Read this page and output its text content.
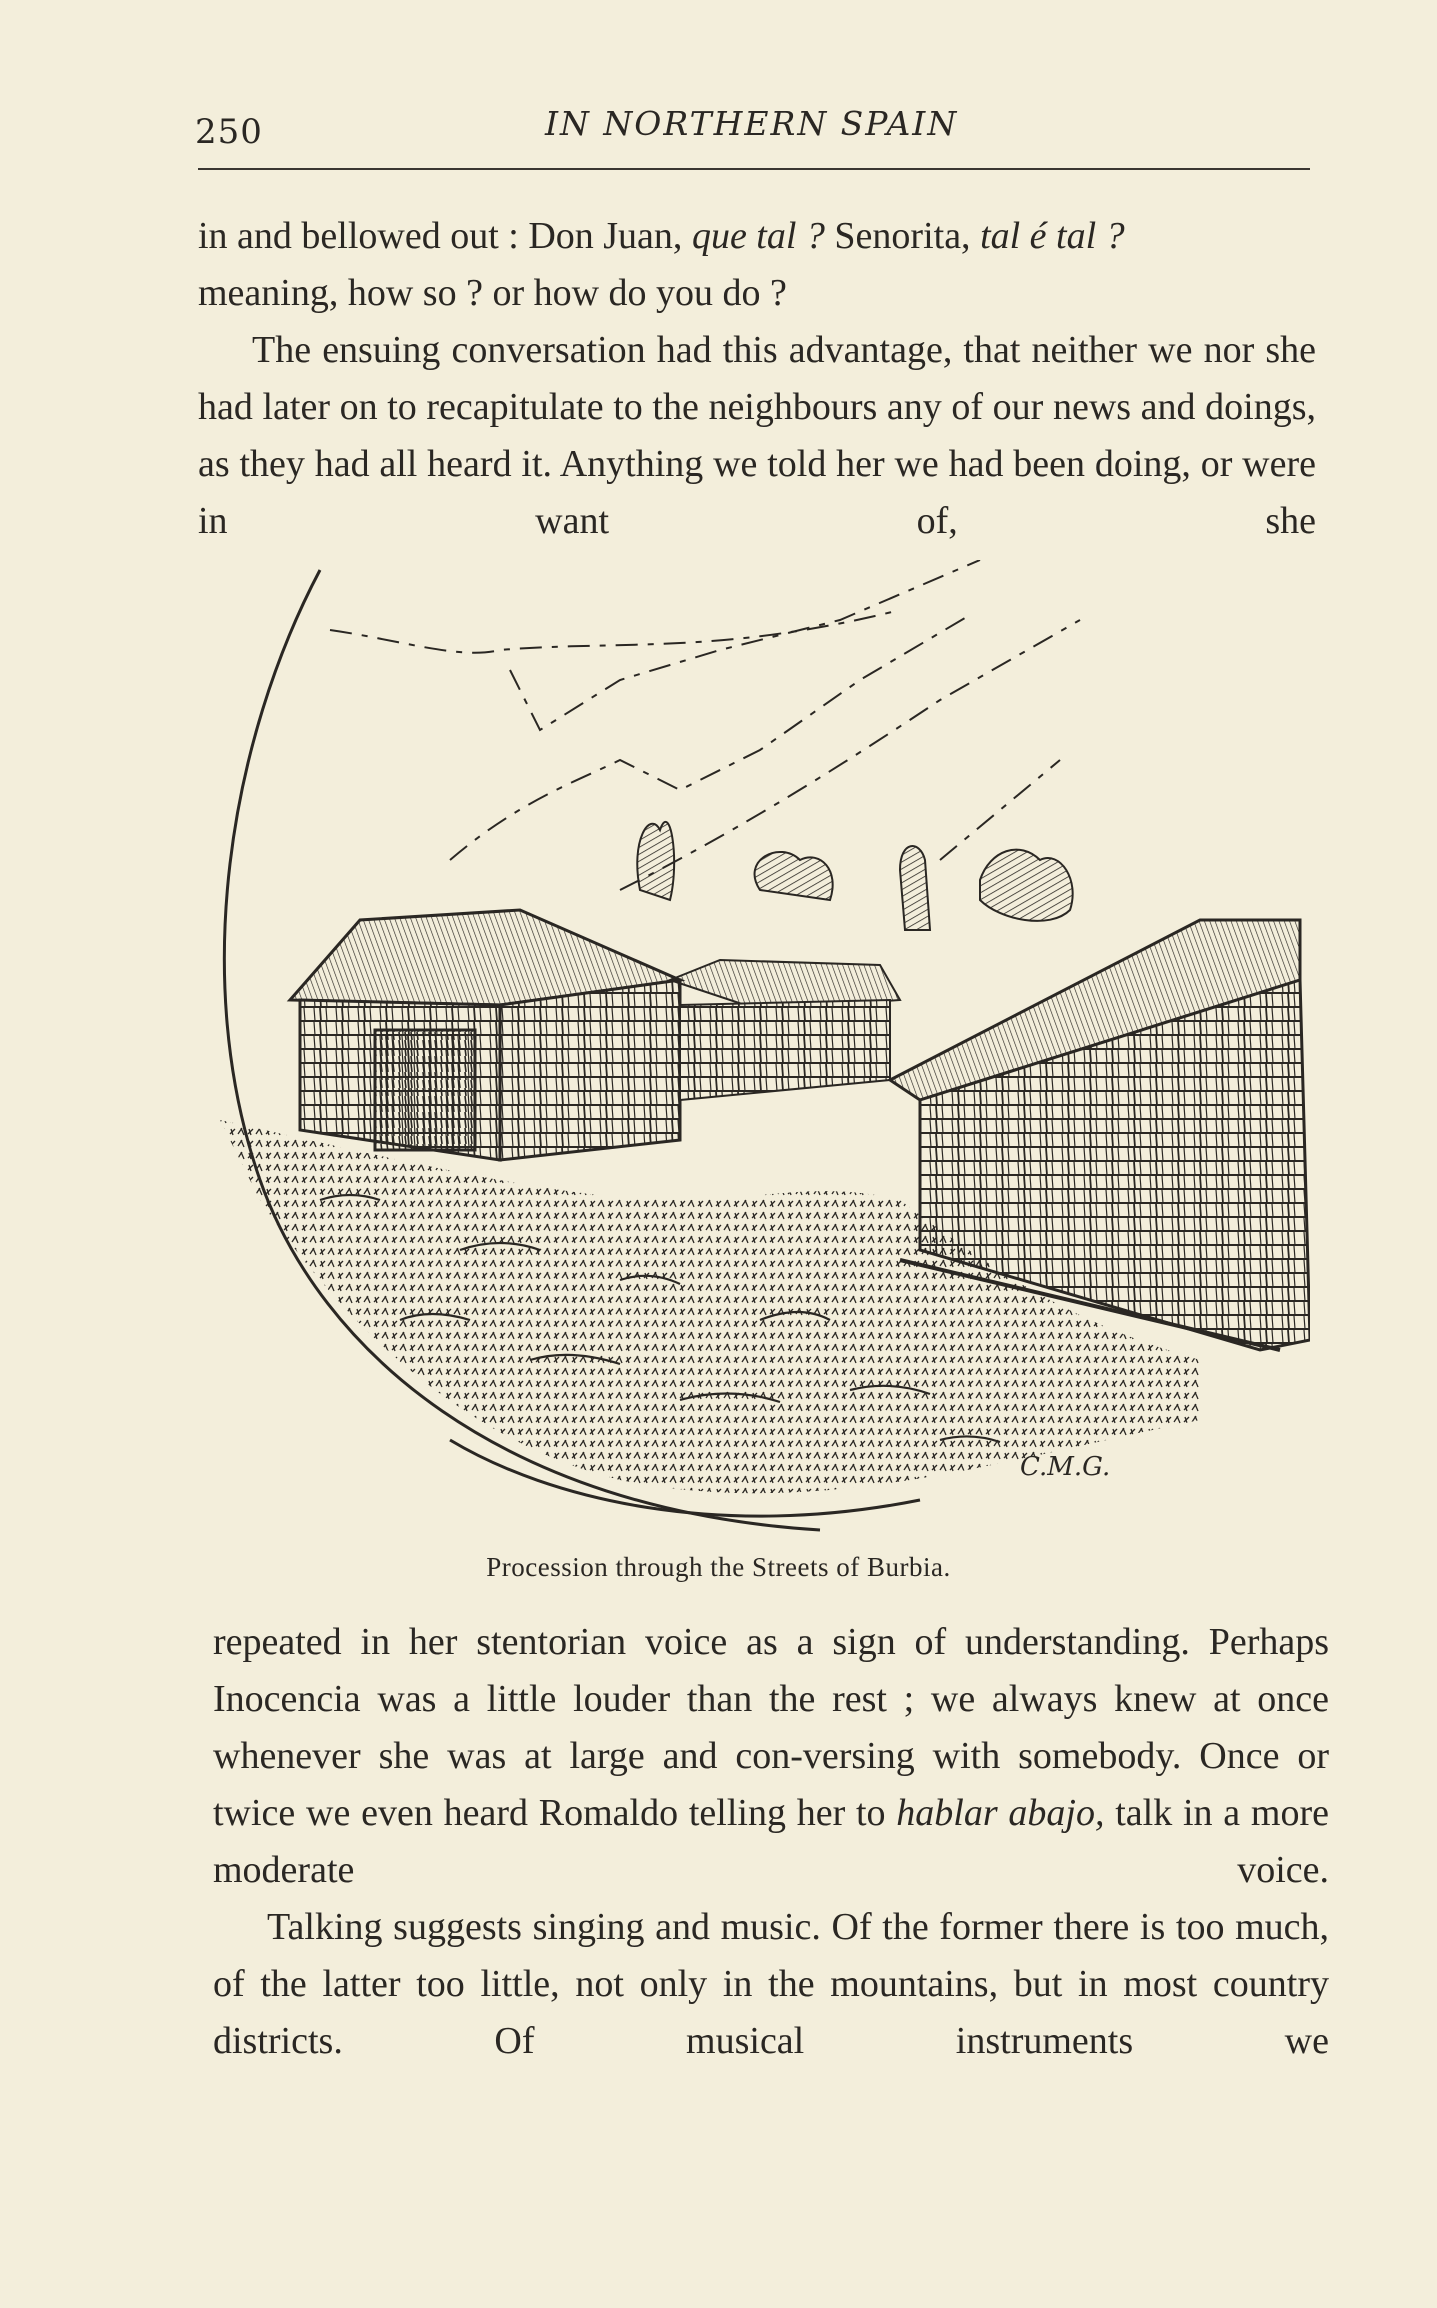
250	IN NORTHERN SPAIN

in and bellowed out : Don Juan, que tal ? Senorita, tal é tal ?
meaning, how so ? or how do you do ?

The ensuing conversation had this advantage, that neither we nor she had later on to recapitulate to the neighbours any of our news and doings, as they had all heard it. Anything we told her we had been doing, or were in want of, she

C.M.G.
Procession through the Streets of Burbia.

repeated in her stentorian voice as a sign of understanding. Perhaps Inocencia was a little louder than the rest ; we always knew at once whenever she was at large and con-versing with somebody. Once or twice we even heard Romaldo telling her to hablar abajo, talk in a more moderate voice.

Talking suggests singing and music. Of the former there is too much, of the latter too little, not only in the mountains, but in most country districts. Of musical instruments we
